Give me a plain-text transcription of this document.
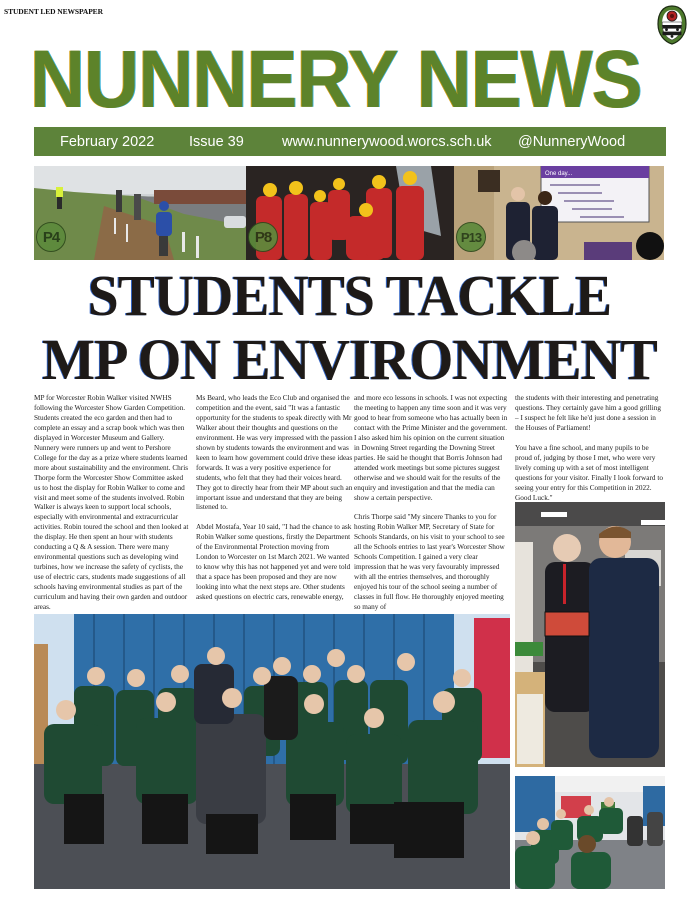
STUDENT LED NEWSPAPER
NUNNERY NEWS
February 2022 Issue 39	www.nunnerywood.worcs.sch.uk @NunneryWood
P4	P8
One day...
P13
STUDENTS TACKLE
MP ON ENVIRONMENT

MP for Worcester Robin Walker visited NWHS following the Worcester Show Garden Competition. Students created the eco garden and then had to complete an essay and a scrap book which was then displayed in Worcester Museum and Gallery. Nunnery were runners up and went to Pershore College for the day as a prize where students learned more about sustainability and the environment. Chris Thorpe form the Worcester Show Committee asked us to host the display for Robin Walker to come and visit and meet some of the students involved. Robin Walker is always keen to support local schools, especially with environmental and extracurricular activities. Robin toured the school and then looked at the display. He then spent an hour with students conducting a Q & A session. There were many environmental questions such as developing wind turbines, how we increase the safety of cyclists, the use of electric cars, students made suggestions of all schools having environmental studies as part of the curriculum and having their own garden and outdoor areas.

Ms Beard, who leads the Eco Club and organised the competition and the event, said "It was a fantastic opportunity for the students to speak directly with Mr Walker about their thoughts and questions on the environment. He was very impressed with the passion shown by students towards the environment and was keen to learn how government could drive these ideas forwards. It was a very positive experience for students, who felt that they had their voices heard. They got to directly hear from their MP about such an important issue and understand that they are being listened to.

Abdel Mostafa, Year 10 said, "I had the chance to ask Robin Walker some questions, firstly the Department of the Environmental Protection moving from London to Worcester on 1st March 2021. We wanted to know why this has not happened yet and were told that a space has been proposed and they are now looking into what the next steps are. Other students asked questions on electric cars, renewable energy,

and more eco lessons in schools. I was not expecting the meeting to happen any time soon and it was very good to hear from someone who has actually been in contact with the Prime Minister and the government. I also asked him his opinion on the current situation in Downing Street regarding the Downing Street parties. He said he thought that Borris Johnson had attended work meetings but some pictures suggest otherwise and we should wait for the results of the enquiry and investigation and that the media can show a certain perspective.

Chris Thorpe said "My sincere Thanks to you for hosting Robin Walker MP, Secretary of State for Schools Standards, on his visit to your school to see all the Schools entries to last year's Worcester Show Schools Competition. I gained a very clear impression that he was very favourably impressed with all the entries themselves, and thoroughly enjoyed his tour of the school seeing a number of classes in full flow. He thoroughly enjoyed meeting so many of

the students with their interesting and penetrating questions. They certainly gave him a good grilling – I suspect he felt like he'd just done a session in the Houses of Parliament!

You have a fine school, and many pupils to be proud of, judging by those I met, who were very lively coming up with a set of most intelligent questions for your visitor. Finally I look forward to seeing your entry for this Competition in 2022. Good Luck."
